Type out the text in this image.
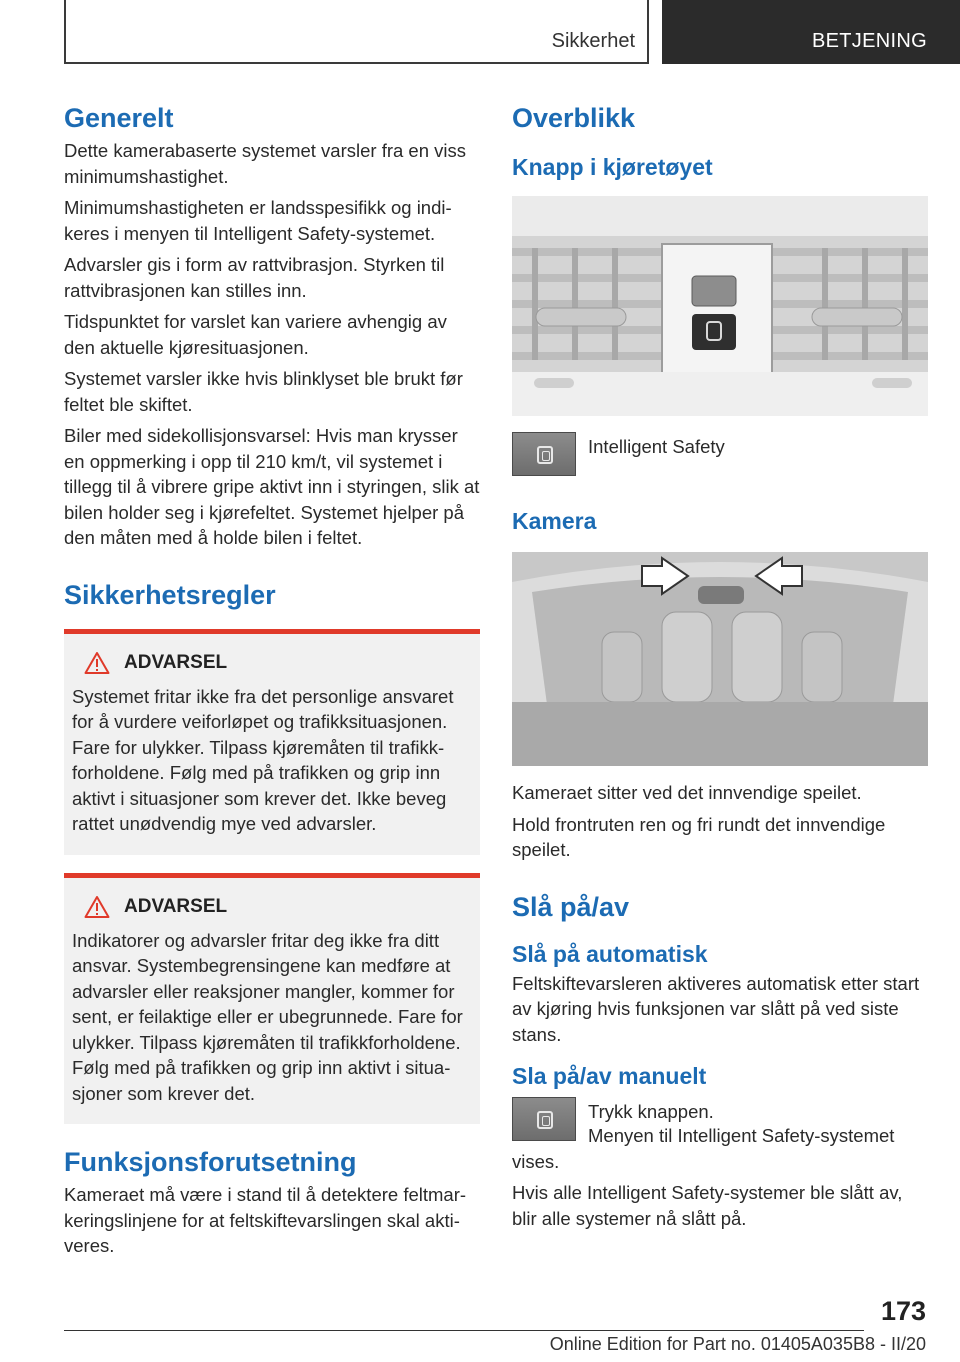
Sikkerhet	BETJENING
Generelt

Dette kamerabaserte systemet varsler fra en viss minimumshastighet.

Minimumshastigheten er landsspesifikk og indikeres i menyen til Intelligent Safety-systemet.

Advarsler gis i form av rattvibrasjon. Styrken til rattvibrasjonen kan stilles inn.

Tidspunktet for varslet kan variere avhengig av den aktuelle kjøresituasjonen.

Systemet varsler ikke hvis blinklyset ble brukt før feltet ble skiftet.

Biler med sidekollisjonsvarsel: Hvis man krysser en oppmerking i opp til 210 km/t, vil systemet i tillegg til å vibrere gripe aktivt inn i styringen, slik at bilen holder seg i kjørefeltet. Systemet hjelper på den måten med å holde bilen i feltet.

Sikkerhetsregler
ADVARSEL

Systemet fritar ikke fra det personlige ansvaret for å vurdere veiforløpet og trafikksituasjonen. Fare for ulykker. Tilpass kjøremåten til trafikkforholdene. Følg med på trafikken og grip inn aktivt i situasjoner som krever det. Ikke beveg rattet unødvendig mye ved advarsler.

ADVARSEL

Indikatorer og advarsler fritar deg ikke fra ditt ansvar. Systembegrensingene kan medføre at advarsler eller reaksjoner mangler, kommer for sent, er feilaktige eller er ubegrunnede. Fare for ulykker. Tilpass kjøremåten til trafikkforholdene. Følg med på trafikken og grip inn aktivt i situasjoner som krever det.

Funksjonsforutsetning

Kameraet må være i stand til å detektere feltmarkeringslinjene for at feltskiftevarslingen skal aktiveres.

Overblikk
Knapp i kjøretøyet
Intelligent Safety
Kamera

Kameraet sitter ved det innvendige speilet.

Hold frontruten ren og fri rundt det innvendige speilet.

Slå på/av
Slå på automatisk

Feltskiftevarsleren aktiveres automatisk etter start av kjøring hvis funksjonen var slått på ved siste stans.

Sla på/av manuelt
Trykk knappen.

Menyen til Intelligent Safety-systemet vises.

Hvis alle Intelligent Safety-systemer ble slått av, blir alle systemer nå slått på.

173
Online Edition for Part no. 01405A035B8 - II/20
